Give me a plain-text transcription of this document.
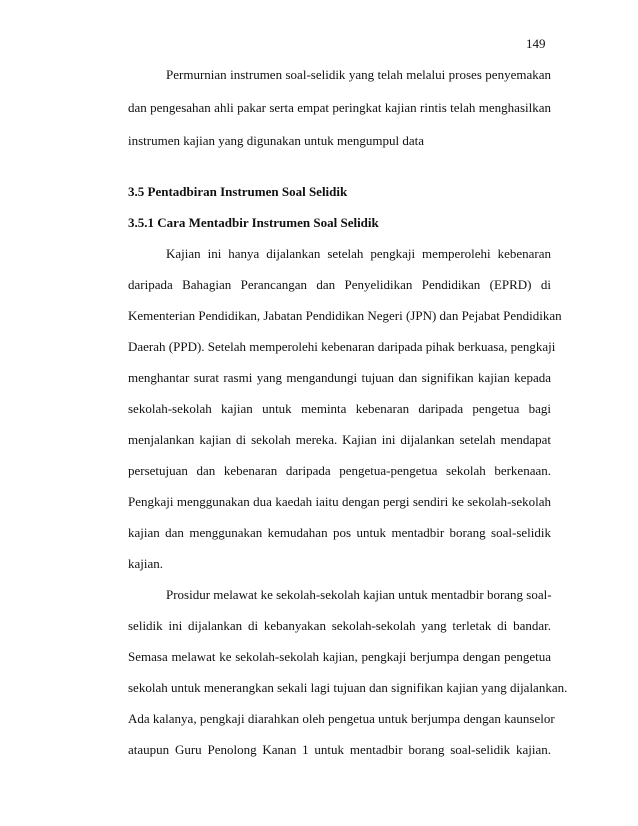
149
Permurnian instrumen soal-selidik yang telah melalui proses penyemakan
dan pengesahan ahli pakar serta empat peringkat kajian rintis telah menghasilkan
instrumen kajian yang digunakan untuk mengumpul data
3.5 Pentadbiran Instrumen Soal Selidik
3.5.1 Cara Mentadbir Instrumen Soal Selidik
Kajian ini hanya dijalankan setelah pengkaji memperolehi kebenaran
daripada Bahagian Perancangan dan Penyelidikan Pendidikan (EPRD) di
Kementerian Pendidikan, Jabatan Pendidikan Negeri (JPN) dan Pejabat Pendidikan
Daerah (PPD). Setelah memperolehi kebenaran daripada pihak berkuasa, pengkaji
menghantar surat rasmi yang mengandungi tujuan dan signifikan kajian kepada
sekolah-sekolah kajian untuk meminta kebenaran daripada pengetua bagi
menjalankan kajian di sekolah mereka. Kajian ini dijalankan setelah mendapat
persetujuan dan kebenaran daripada pengetua-pengetua sekolah berkenaan.
Pengkaji menggunakan dua kaedah iaitu dengan pergi sendiri ke sekolah-sekolah
kajian dan menggunakan kemudahan pos untuk mentadbir borang soal-selidik
kajian.
Prosidur melawat ke sekolah-sekolah kajian untuk mentadbir borang soal-
selidik ini dijalankan di kebanyakan sekolah-sekolah yang terletak di bandar.
Semasa melawat ke sekolah-sekolah kajian, pengkaji berjumpa dengan pengetua
sekolah untuk menerangkan sekali lagi tujuan dan signifikan kajian yang dijalankan.
Ada kalanya, pengkaji diarahkan oleh pengetua untuk berjumpa dengan kaunselor
ataupun Guru Penolong Kanan 1 untuk mentadbir borang soal-selidik kajian.
